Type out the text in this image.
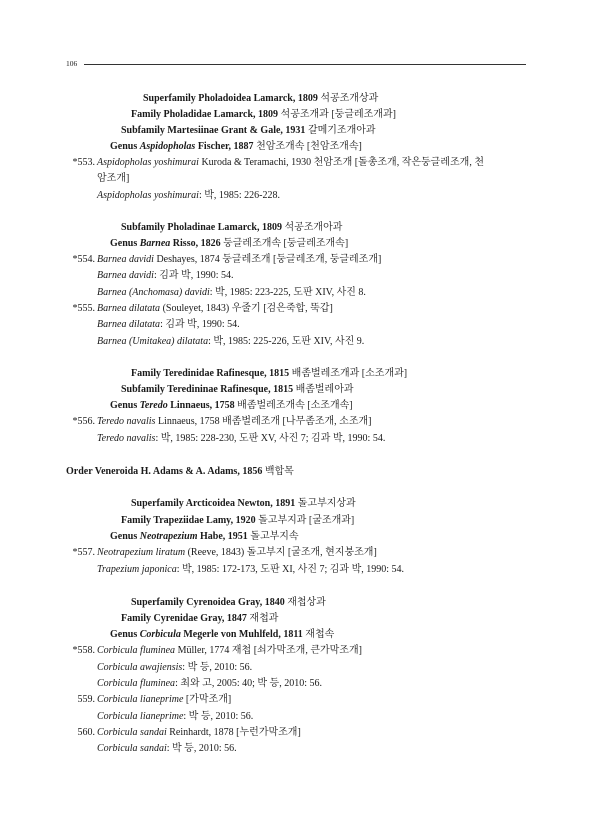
106
Superfamily Pholadoidea Lamarck, 1809 석공조개상과
Family Pholadidae Lamarck, 1809 석공조개과 [둥글레조개과]
Subfamily Martesiinae Grant & Gale, 1931 갈메기조개아과
Genus Aspidopholas Fischer, 1887 천암조개속 [천암조개속]
*553. Aspidopholas yoshimurai Kuroda & Teramachi, 1930 천암조개 [돌총조개, 작은둥글레조개, 천
암조개]
Aspidopholas yoshimurai: 박, 1985: 226-228.
Subfamily Pholadinae Lamarck, 1809 석공조개아과
Genus Barnea Risso, 1826 둥글레조개속 [둥글레조개속]
*554. Barnea davidi Deshayes, 1874 둥글레조개 [둥글레조개, 둥글레조개]
Barnea davidi: 김과 박, 1990: 54.
Barnea (Anchomasa) davidi: 박, 1985: 223-225, 도판 XIV, 사진 8.
*555. Barnea dilatata (Souleyet, 1843) 우줄기 [검은죽합, 뚝갑]
Barnea dilatata: 김과 박, 1990: 54.
Barnea (Umitakea) dilatata: 박, 1985: 225-226, 도판 XIV, 사진 9.
Family Teredinidae Rafinesque, 1815 배좀벌레조개과 [소조개과]
Subfamily Teredininae Rafinesque, 1815 배좀벌레아과
Genus Teredo Linnaeus, 1758 배좀벌레조개속 [소조개속]
*556. Teredo navalis Linnaeus, 1758 배좀벌레조개 [나무좀조개, 소조개]
Teredo navalis: 박, 1985: 228-230, 도판 XV, 사진 7; 김과 박, 1990: 54.
Order Veneroida H. Adams & A. Adams, 1856 백합목
Superfamily Arcticoidea Newton, 1891 돌고부지상과
Family Trapeziidae Lamy, 1920 돌고부지과 [굴조개과]
Genus Neotrapezium Habe, 1951 돌고부지속
*557. Neotrapezium liratum (Reeve, 1843) 돌고부지 [굴조개, 현지붕조개]
Trapezium japonica: 박, 1985: 172-173, 도판 XI, 사진 7; 김과 박, 1990: 54.
Superfamily Cyrenoidea Gray, 1840 재첩상과
Family Cyrenidae Gray, 1847 재첩과
Genus Corbicula Megerle von Muhlfeld, 1811 재첩속
*558. Corbicula fluminea Müller, 1774 재첩 [쇠가막조개, 큰가막조개]
Corbicula awajiensis: 박 등, 2010: 56.
Corbicula fluminea: 최와 고, 2005: 40; 박 등, 2010: 56.
559. Corbicula lianeprime [가막조개]
Corbicula lianeprime: 박 등, 2010: 56.
560. Corbicula sandai Reinhardt, 1878 [누런가막조개]
Corbicula sandai: 박 등, 2010: 56.
